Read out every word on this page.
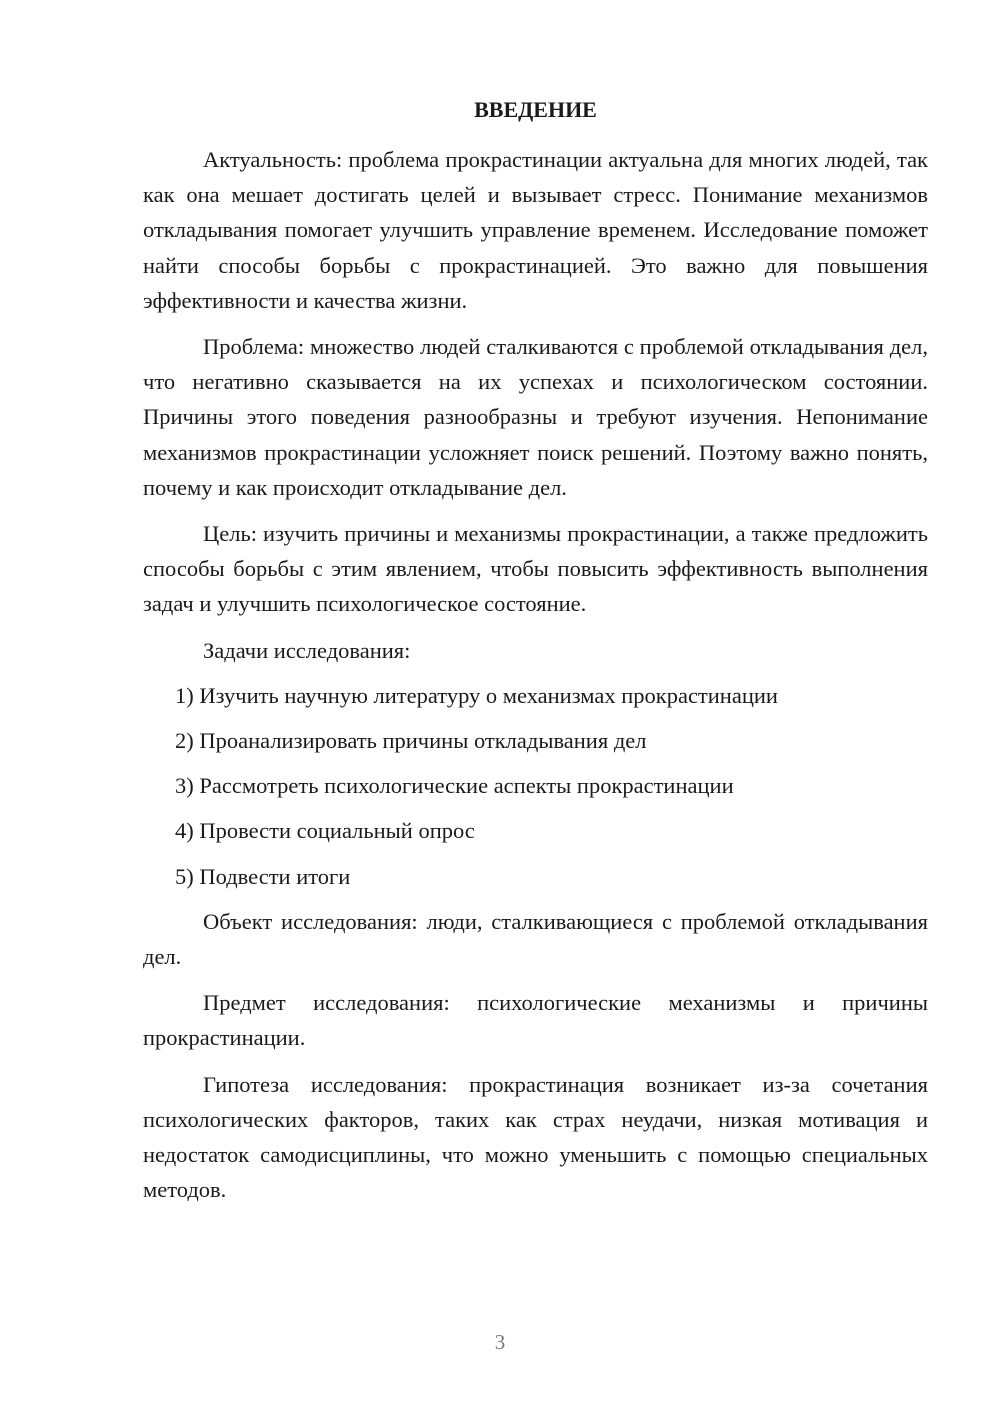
ВВЕДЕНИЕ

Актуальность: проблема прокрастинации актуальна для многих людей, так как она мешает достигать целей и вызывает стресс. Понимание механизмов откладывания помогает улучшить управление временем. Исследование поможет найти способы борьбы с прокрастинацией. Это важно для повышения эффективности и качества жизни.

Проблема: множество людей сталкиваются с проблемой откладывания дел, что негативно сказывается на их успехах и психологическом состоянии. Причины этого поведения разнообразны и требуют изучения. Непонимание механизмов прокрастинации усложняет поиск решений. Поэтому важно понять, почему и как происходит откладывание дел.

Цель: изучить причины и механизмы прокрастинации, а также предложить способы борьбы с этим явлением, чтобы повысить эффективность выполнения задач и улучшить психологическое состояние.

Задачи исследования:

1) Изучить научную литературу о механизмах прокрастинации
2) Проанализировать причины откладывания дел
3) Рассмотреть психологические аспекты прокрастинации
4) Провести социальный опрос
5) Подвести итоги

Объект исследования: люди, сталкивающиеся с проблемой откладывания дел.

Предмет исследования: психологические механизмы и причины прокрастинации.

Гипотеза исследования: прокрастинация возникает из-за сочетания психологических факторов, таких как страх неудачи, низкая мотивация и недостаток самодисциплины, что можно уменьшить с помощью специальных методов.

3
